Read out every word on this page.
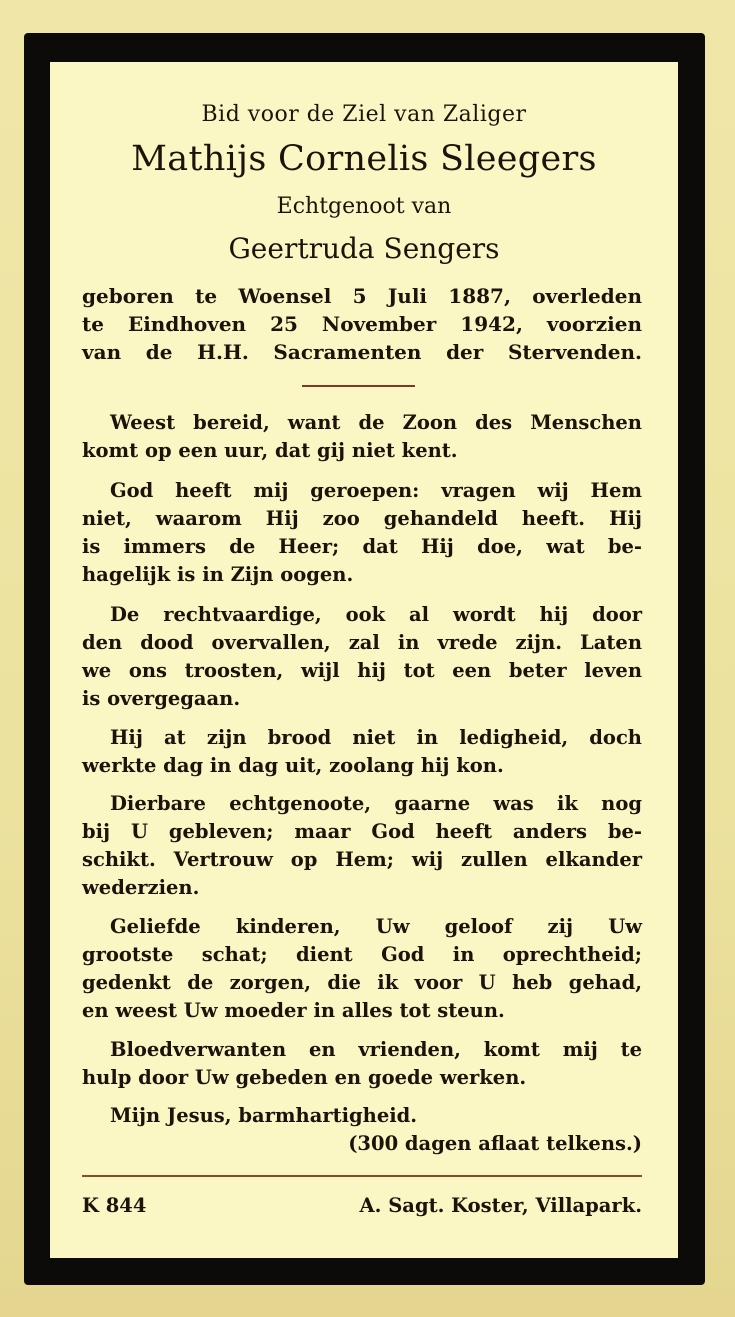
Bid voor de Ziel van Zaliger
Mathijs Cornelis Sleegers
Echtgenoot van
Geertruda Sengers
geboren te Woensel 5 Juli 1887, overleden
te Eindhoven 25 November 1942, voorzien
van de H.H. Sacramenten der Stervenden.
Weest bereid, want de Zoon des Menschen
komt op een uur, dat gij niet kent.
God heeft mij geroepen: vragen wij Hem
niet, waarom Hij zoo gehandeld heeft. Hij
is immers de Heer; dat Hij doe, wat be-
hagelijk is in Zijn oogen.
De rechtvaardige, ook al wordt hij door
den dood overvallen, zal in vrede zijn. Laten
we ons troosten, wijl hij tot een beter leven
is overgegaan.
Hij at zijn brood niet in ledigheid, doch
werkte dag in dag uit, zoolang hij kon.
Dierbare echtgenoote, gaarne was ik nog
bij U gebleven; maar God heeft anders be-
schikt. Vertrouw op Hem; wij zullen elkander
wederzien.
Geliefde kinderen, Uw geloof zij Uw
grootste schat; dient God in oprechtheid;
gedenkt de zorgen, die ik voor U heb gehad,
en weest Uw moeder in alles tot steun.
Bloedverwanten en vrienden, komt mij te
hulp door Uw gebeden en goede werken.
Mijn Jesus, barmhartigheid.
(300 dagen aflaat telkens.)
K 844	A. Sagt. Koster, Villapark.
